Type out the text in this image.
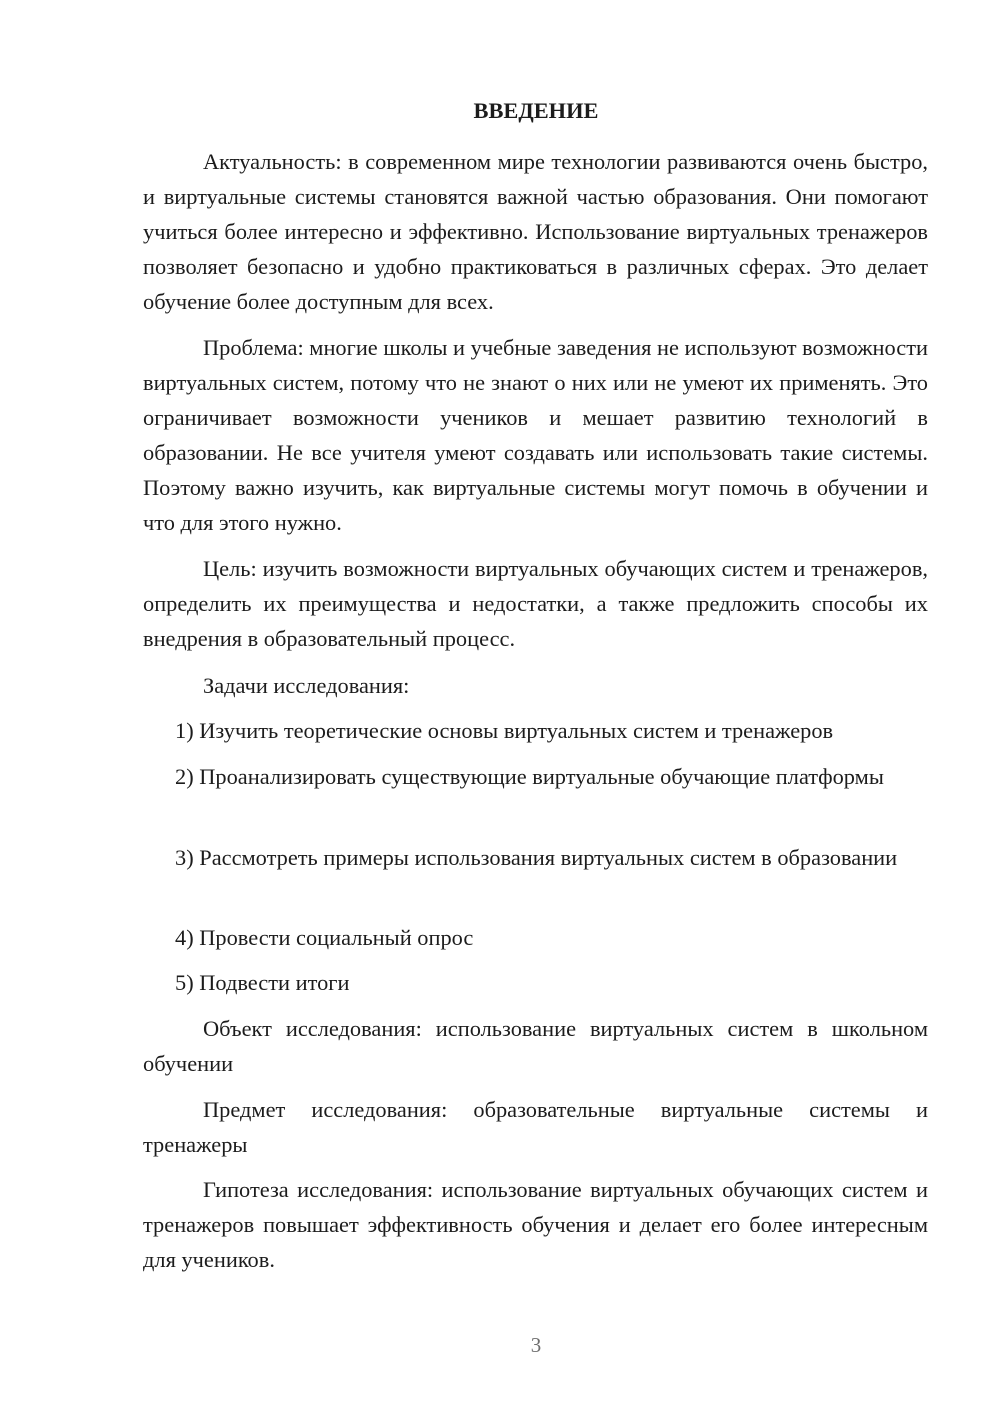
ВВЕДЕНИЕ

Актуальность: в современном мире технологии развиваются очень быстро, и виртуальные системы становятся важной частью образования. Они помогают учиться более интересно и эффективно. Использование виртуальных тренажеров позволяет безопасно и удобно практиковаться в различных сферах. Это делает обучение более доступным для всех.

Проблема: многие школы и учебные заведения не используют возможности виртуальных систем, потому что не знают о них или не умеют их применять. Это ограничивает возможности учеников и мешает развитию технологий в образовании. Не все учителя умеют создавать или использовать такие системы. Поэтому важно изучить, как виртуальные системы могут помочь в обучении и что для этого нужно.

Цель: изучить возможности виртуальных обучающих систем и тренажеров, определить их преимущества и недостатки, а также предложить способы их внедрения в образовательный процесс.

Задачи исследования:

1) Изучить теоретические основы виртуальных систем и тренажеров

2) Проанализировать существующие виртуальные обучающие платформы

3) Рассмотреть примеры использования виртуальных систем в образовании

4) Провести социальный опрос

5) Подвести итоги

Объект исследования: использование виртуальных систем в школьном обучении

Предмет исследования: образовательные виртуальные системы и тренажеры

Гипотеза исследования: использование виртуальных обучающих систем и тренажеров повышает эффективность обучения и делает его более интересным для учеников.

3
